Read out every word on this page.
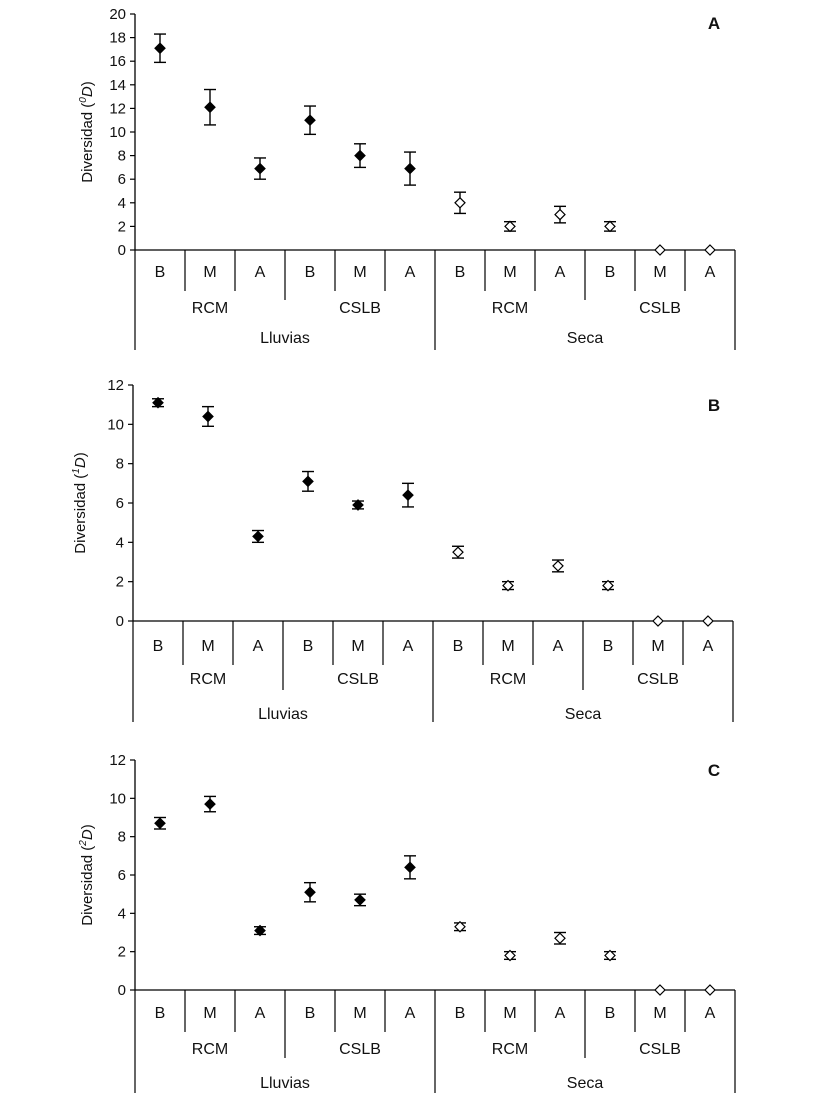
0
2
4
6
8
10
12
14
16
18
20
Diversidad ($^0$D)
A
B M A B M A B M A B M A
RCM	CSLB	RCM	CSLB
Lluvias	Seca
0
2
4
6
8
10
12
Diversidad ($^1$D)
B
B M A B M A B M A B M A
RCM	CSLB	RCM	CSLB
Lluvias	Seca
0
2
4
6
8
10
12
Diversidad ($^2$D)
C
B M A B M A B M A B M A
RCM	CSLB	RCM	CSLB
Lluvias	Seca
